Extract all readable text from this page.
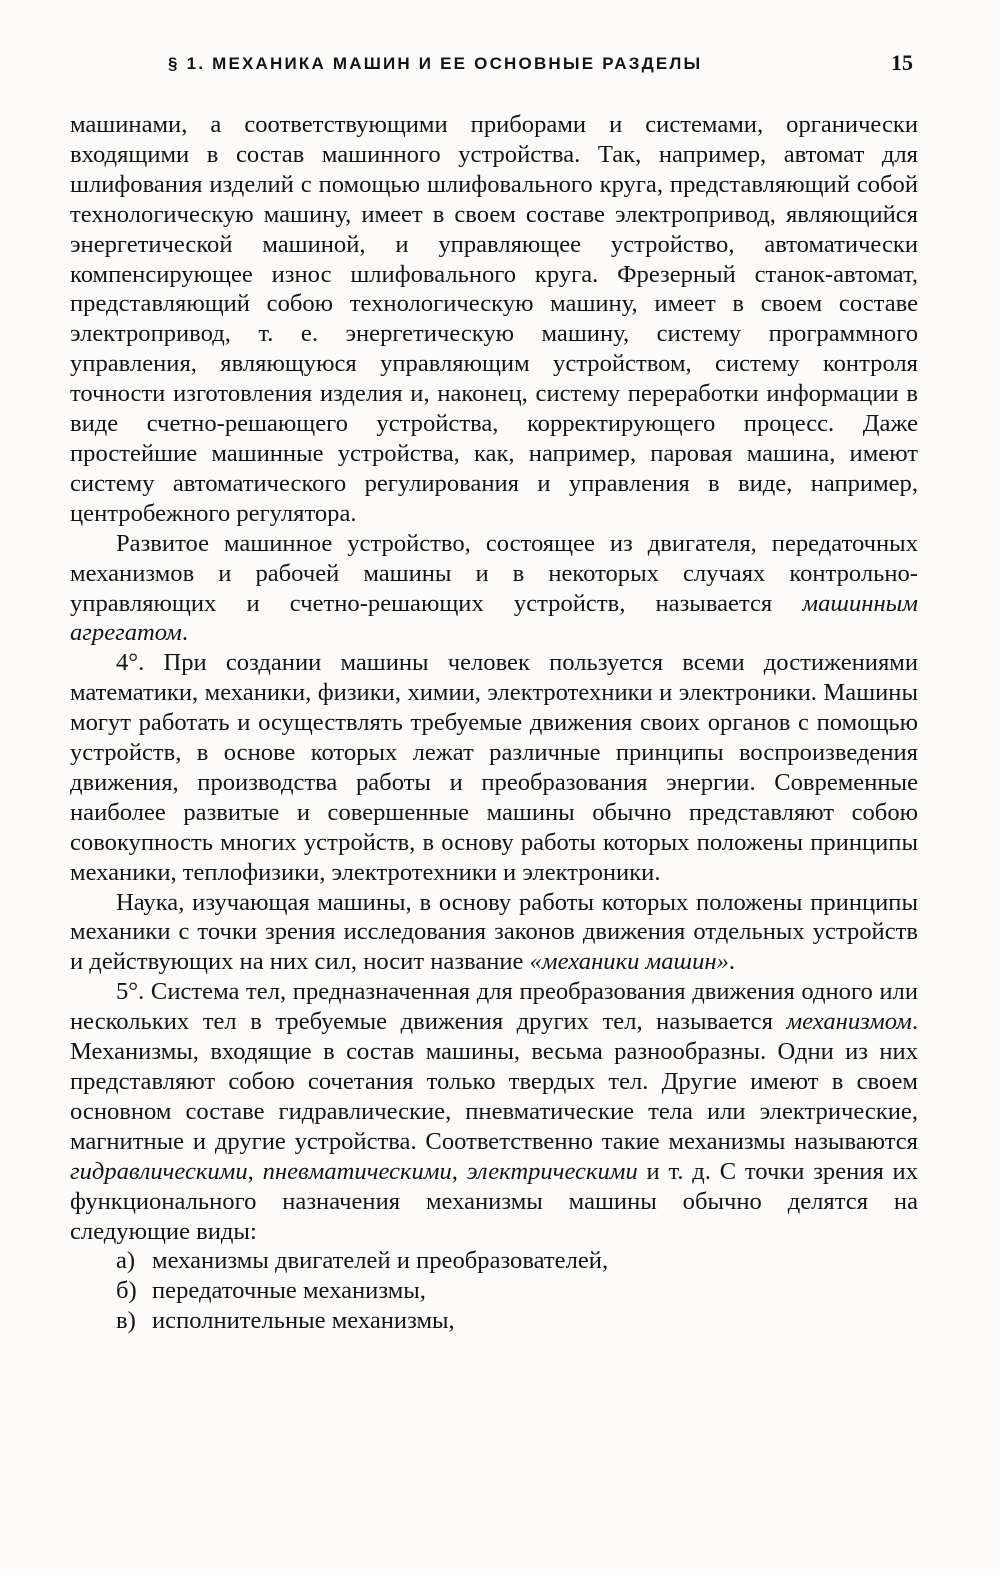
§ 1. МЕХАНИКА МАШИН И ЕЕ ОСНОВНЫЕ РАЗДЕЛЫ	15

машинами, а соответствующими приборами и системами, органически входящими в состав машинного устройства. Так, например, автомат для шлифования изделий с помощью шлифовального круга, представляющий собой технологическую машину, имеет в своем составе электропривод, являющийся энергетической машиной, и управляющее устройство, автоматически компенсирующее износ шлифовального круга. Фрезерный станок-автомат, представляющий собою технологическую машину, имеет в своем составе электропривод, т. е. энергетическую машину, систему программного управления, являющуюся управляющим устройством, систему контроля точности изготовления изделия и, наконец, систему переработки информации в виде счетно-решающего устройства, корректирующего процесс. Даже простейшие машинные устройства, как, например, паровая машина, имеют систему автоматического регулирования и управления в виде, например, центробежного регулятора.

Развитое машинное устройство, состоящее из двигателя, передаточных механизмов и рабочей машины и в некоторых случаях контрольно-управляющих и счетно-решающих устройств, называется машинным агрегатом.

4°. При создании машины человек пользуется всеми достижениями математики, механики, физики, химии, электротехники и электроники. Машины могут работать и осуществлять требуемые движения своих органов с помощью устройств, в основе которых лежат различные принципы воспроизведения движения, производства работы и преобразования энергии. Современные наиболее развитые и совершенные машины обычно представляют собою совокупность многих устройств, в основу работы которых положены принципы механики, теплофизики, электротехники и электроники.

Наука, изучающая машины, в основу работы которых положены принципы механики с точки зрения исследования законов движения отдельных устройств и действующих на них сил, носит название «механики машин».

5°. Система тел, предназначенная для преобразования движения одного или нескольких тел в требуемые движения других тел, называется механизмом. Механизмы, входящие в состав машины, весьма разнообразны. Одни из них представляют собою сочетания только твердых тел. Другие имеют в своем основном составе гидравлические, пневматические тела или электрические, магнитные и другие устройства. Соответственно такие механизмы называются гидравлическими, пневматическими, электрическими и т. д. С точки зрения их функционального назначения механизмы машины обычно делятся на следующие виды:

а) механизмы двигателей и преобразователей,
б) передаточные механизмы,
в) исполнительные механизмы,
